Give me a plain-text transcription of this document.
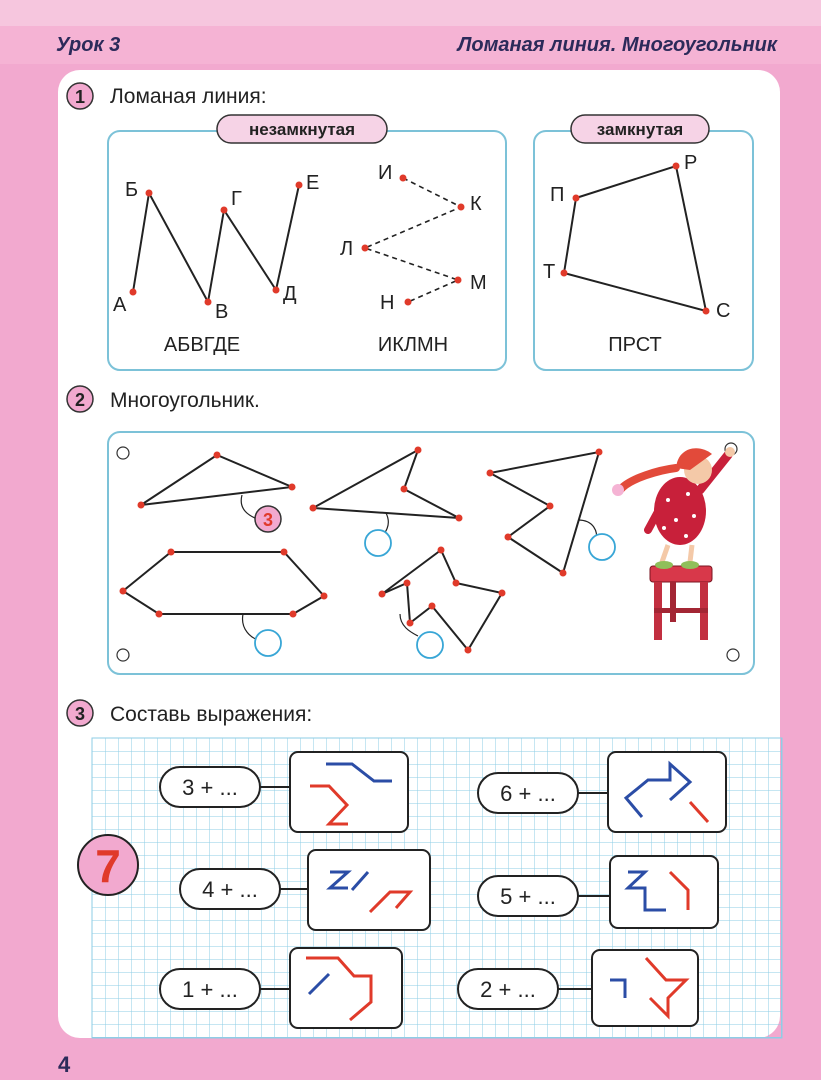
Урок 3	Ломаная линия. Многоугольник
4
1 Ломаная линия:
незамкнутая
А
Б
В
Г
Д
Е
АБВГДЕ
И
К
Л
М
Н
ИКЛМН
замкнутая
П
Р
Т
С
ПРСТ
2 Многоугольник.
3
3 Составь выражения:
7
3 + ...
4 + ...
1 + ...
6 + ...
5 + ...
2 + ...
